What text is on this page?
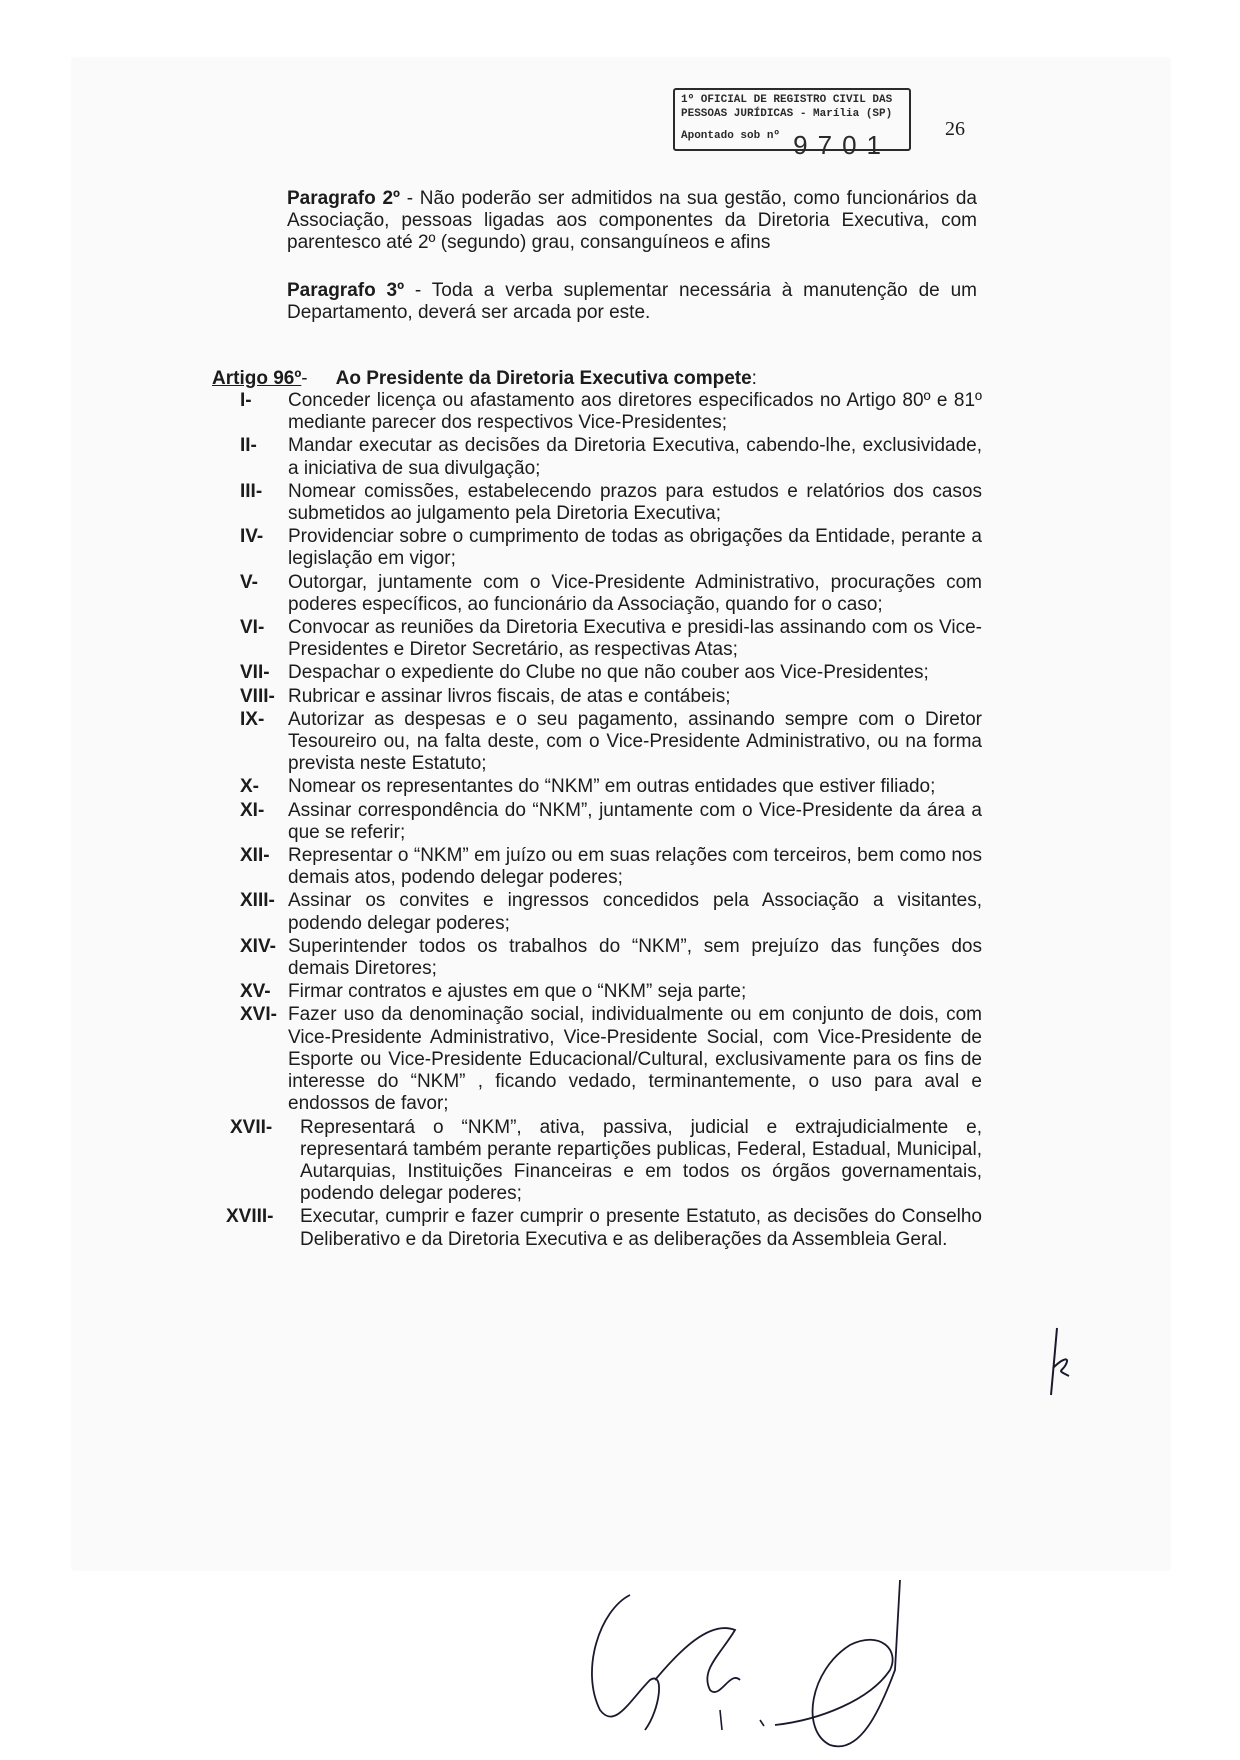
1º OFICIAL DE REGISTRO CIVIL DAS
PESSOAS JURÍDICAS - Marília (SP)
Apontado sob nº 9701
26
Paragrafo 2º - Não poderão ser admitidos na sua gestão, como funcionários da Associação, pessoas ligadas aos componentes da Diretoria Executiva, com parentesco até 2º (segundo) grau, consanguíneos e afins
Paragrafo 3º - Toda a verba suplementar necessária à manutenção de um Departamento, deverá ser arcada por este.
Artigo 96º- Ao Presidente da Diretoria Executiva compete:
I- Conceder licença ou afastamento aos diretores especificados no Artigo 80º e 81º mediante parecer dos respectivos Vice-Presidentes;
II- Mandar executar as decisões da Diretoria Executiva, cabendo-lhe, exclusividade, a iniciativa de sua divulgação;
III- Nomear comissões, estabelecendo prazos para estudos e relatórios dos casos submetidos ao julgamento pela Diretoria Executiva;
IV- Providenciar sobre o cumprimento de todas as obrigações da Entidade, perante a legislação em vigor;
V- Outorgar, juntamente com o Vice-Presidente Administrativo, procurações com poderes específicos, ao funcionário da Associação, quando for o caso;
VI- Convocar as reuniões da Diretoria Executiva e presidi-las assinando com os Vice-Presidentes e Diretor Secretário, as respectivas Atas;
VII- Despachar o expediente do Clube no que não couber aos Vice-Presidentes;
VIII- Rubricar e assinar livros fiscais, de atas e contábeis;
IX- Autorizar as despesas e o seu pagamento, assinando sempre com o Diretor Tesoureiro ou, na falta deste, com o Vice-Presidente Administrativo, ou na forma prevista neste Estatuto;
X- Nomear os representantes do “NKM” em outras entidades que estiver filiado;
XI- Assinar correspondência do “NKM”, juntamente com o Vice-Presidente da área a que se referir;
XII- Representar o “NKM” em juízo ou em suas relações com terceiros, bem como nos demais atos, podendo delegar poderes;
XIII- Assinar os convites e ingressos concedidos pela Associação a visitantes, podendo delegar poderes;
XIV- Superintender todos os trabalhos do “NKM”, sem prejuízo das funções dos demais Diretores;
XV- Firmar contratos e ajustes em que o “NKM” seja parte;
XVI- Fazer uso da denominação social, individualmente ou em conjunto de dois, com Vice-Presidente Administrativo, Vice-Presidente Social, com Vice-Presidente de Esporte ou Vice-Presidente Educacional/Cultural, exclusivamente para os fins de interesse do “NKM” , ficando vedado, terminantemente, o uso para aval e endossos de favor;
XVII- Representará o “NKM”, ativa, passiva, judicial e extrajudicialmente e, representará também perante repartições publicas, Federal, Estadual, Municipal, Autarquias, Instituições Financeiras e em todos os órgãos governamentais, podendo delegar poderes;
XVIII- Executar, cumprir e fazer cumprir o presente Estatuto, as decisões do Conselho Deliberativo e da Diretoria Executiva e as deliberações da Assembleia Geral.
